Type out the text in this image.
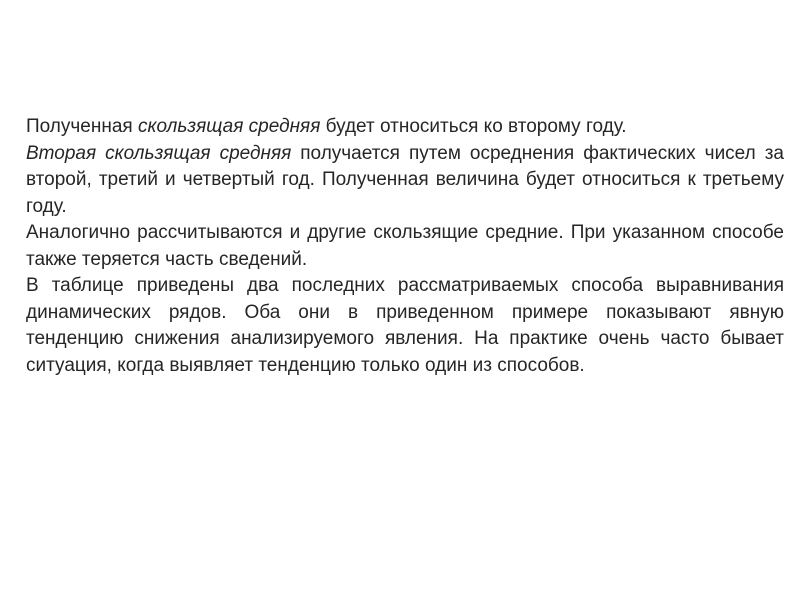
Полученная скользящая средняя будет относиться ко второму году.

Вторая скользящая средняя получается путем осреднения фактических чисел за второй, третий и четвертый год. Полученная величина будет относиться к третьему году.

Аналогично рассчитываются и другие скользящие средние. При указанном способе также теряется часть сведений.

В таблице приведены два последних рассматриваемых способа выравнивания динамических рядов. Оба они в приведенном примере показывают явную тенденцию снижения анализируемого явления. На практике очень часто бывает ситуация, когда выявляет тенденцию только один из способов.
